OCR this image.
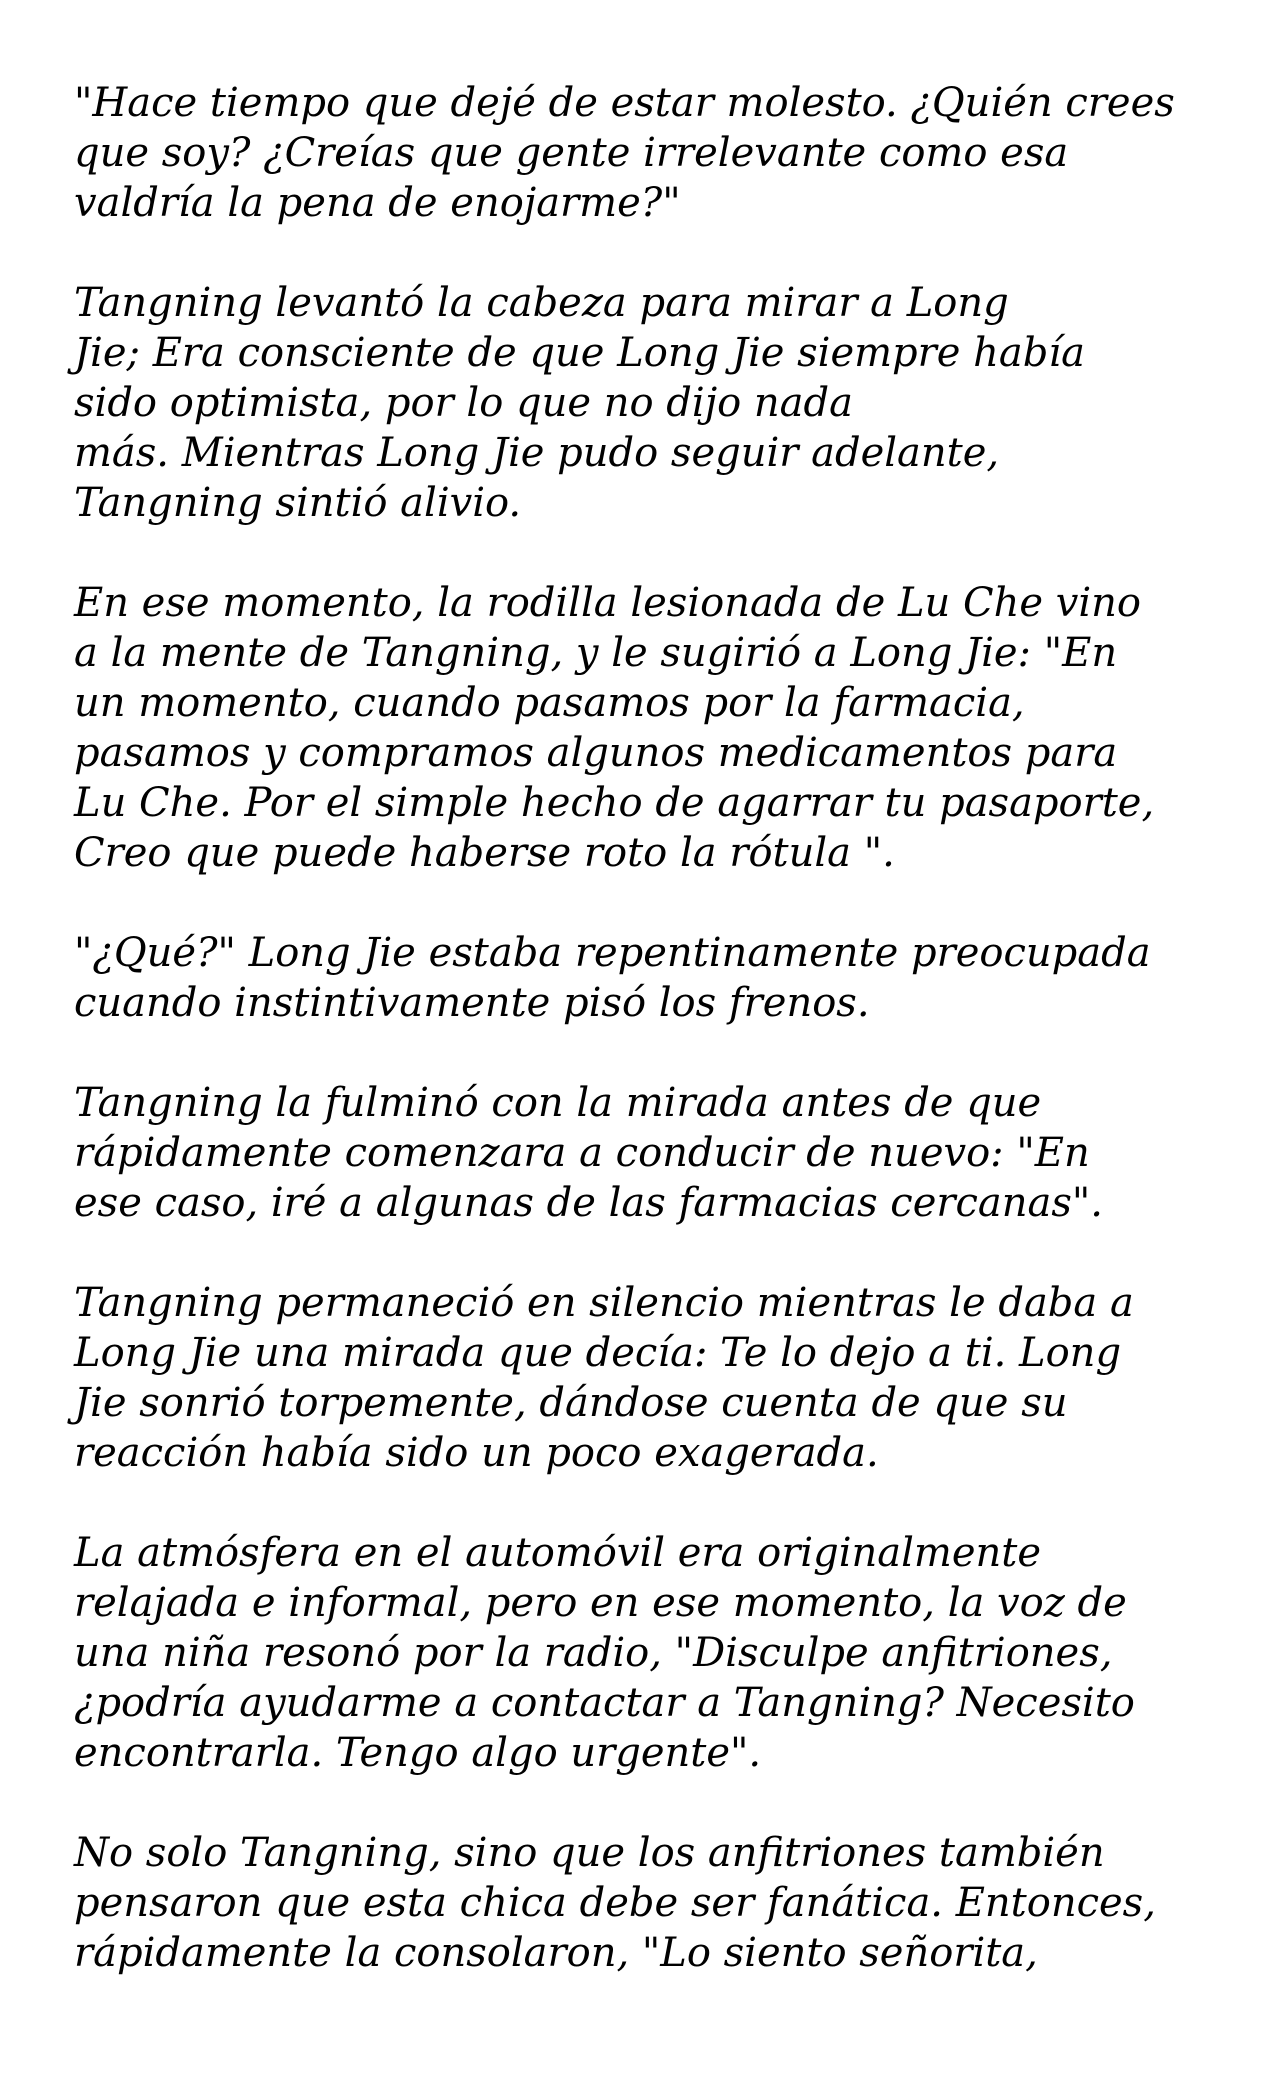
"Hace tiempo que dejé de estar molesto. ¿Quién crees
que soy? ¿Creías que gente irrelevante como esa
valdría la pena de enojarme?"

Tangning levantó la cabeza para mirar a Long
Jie; Era consciente de que Long Jie siempre había
sido optimista, por lo que no dijo nada
más. Mientras Long Jie pudo seguir adelante,
Tangning sintió alivio.

En ese momento, la rodilla lesionada de Lu Che vino
a la mente de Tangning, y le sugirió a Long Jie: "En
un momento, cuando pasamos por la farmacia,
pasamos y compramos algunos medicamentos para
Lu Che. Por el simple hecho de agarrar tu pasaporte,
Creo que puede haberse roto la rótula ".

"¿Qué?" Long Jie estaba repentinamente preocupada
cuando instintivamente pisó los frenos.

Tangning la fulminó con la mirada antes de que
rápidamente comenzara a conducir de nuevo: "En
ese caso, iré a algunas de las farmacias cercanas".

Tangning permaneció en silencio mientras le daba a
Long Jie una mirada que decía: Te lo dejo a ti. Long
Jie sonrió torpemente, dándose cuenta de que su
reacción había sido un poco exagerada.

La atmósfera en el automóvil era originalmente
relajada e informal, pero en ese momento, la voz de
una niña resonó por la radio, "Disculpe anfitriones,
¿podría ayudarme a contactar a Tangning? Necesito
encontrarla. Tengo algo urgente".

No solo Tangning, sino que los anfitriones también
pensaron que esta chica debe ser fanática. Entonces,
rápidamente la consolaron, "Lo siento señorita,
